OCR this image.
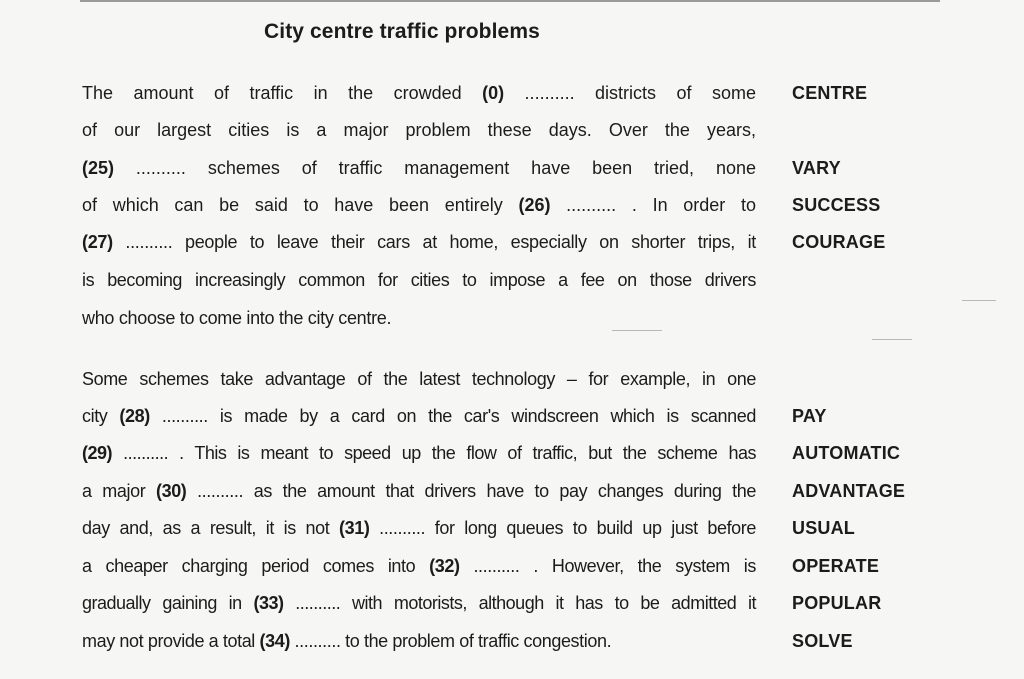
City centre traffic problems
The amount of traffic in the crowded (0) .......... districts of some CENTRE
of our largest cities is a major problem these days. Over the years,
(25) .......... schemes of traffic management have been tried, none VARY
of which can be said to have been entirely (26) .......... . In order to SUCCESS
(27) .......... people to leave their cars at home, especially on shorter trips, it COURAGE
is becoming increasingly common for cities to impose a fee on those drivers
who choose to come into the city centre.
Some schemes take advantage of the latest technology – for example, in one
city (28) .......... is made by a card on the car's windscreen which is scanned PAY
(29) .......... . This is meant to speed up the flow of traffic, but the scheme has AUTOMATIC
a major (30) .......... as the amount that drivers have to pay changes during the ADVANTAGE
day and, as a result, it is not (31) .......... for long queues to build up just before USUAL
a cheaper charging period comes into (32) .......... . However, the system is OPERATE
gradually gaining in (33) .......... with motorists, although it has to be admitted it POPULAR
may not provide a total (34) .......... to the problem of traffic congestion.	SOLVE
